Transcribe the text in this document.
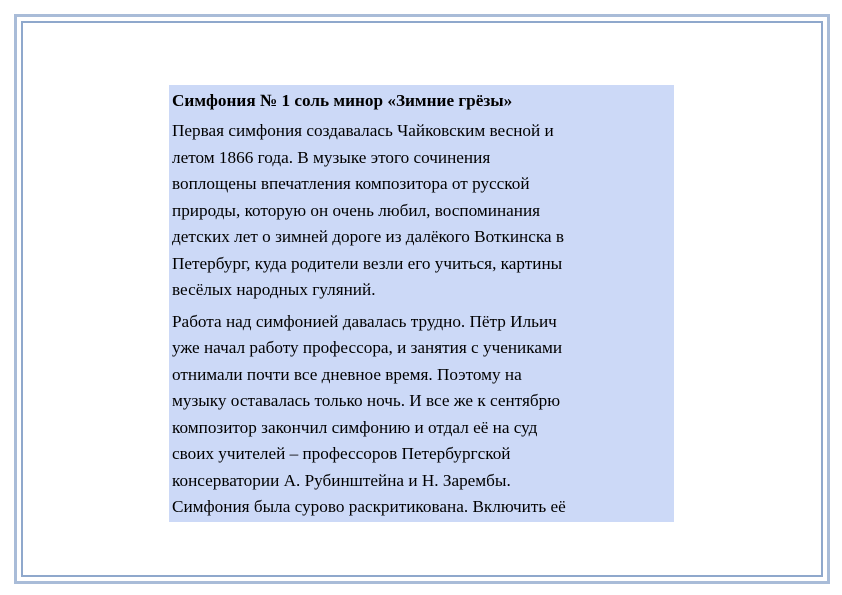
Симфония № 1 соль минор «Зимние грёзы»

Первая симфония создавалась Чайковским весной и
летом 1866 года. В музыке этого сочинения
воплощены впечатления композитора от русской
природы, которую он очень любил, воспоминания
детских лет о зимней дороге из далёкого Воткинска в
Петербург, куда родители везли его учиться, картины
весёлых народных гуляний.

Работа над симфонией давалась трудно. Пётр Ильич
уже начал работу профессора, и занятия с учениками
отнимали почти все дневное время. Поэтому на
музыку оставалась только ночь. И все же к сентябрю
композитор закончил симфонию и отдал её на суд
своих учителей – профессоров Петербургской
консерватории А. Рубинштейна и Н. Зарембы.
Симфония была сурово раскритикована. Включить её
